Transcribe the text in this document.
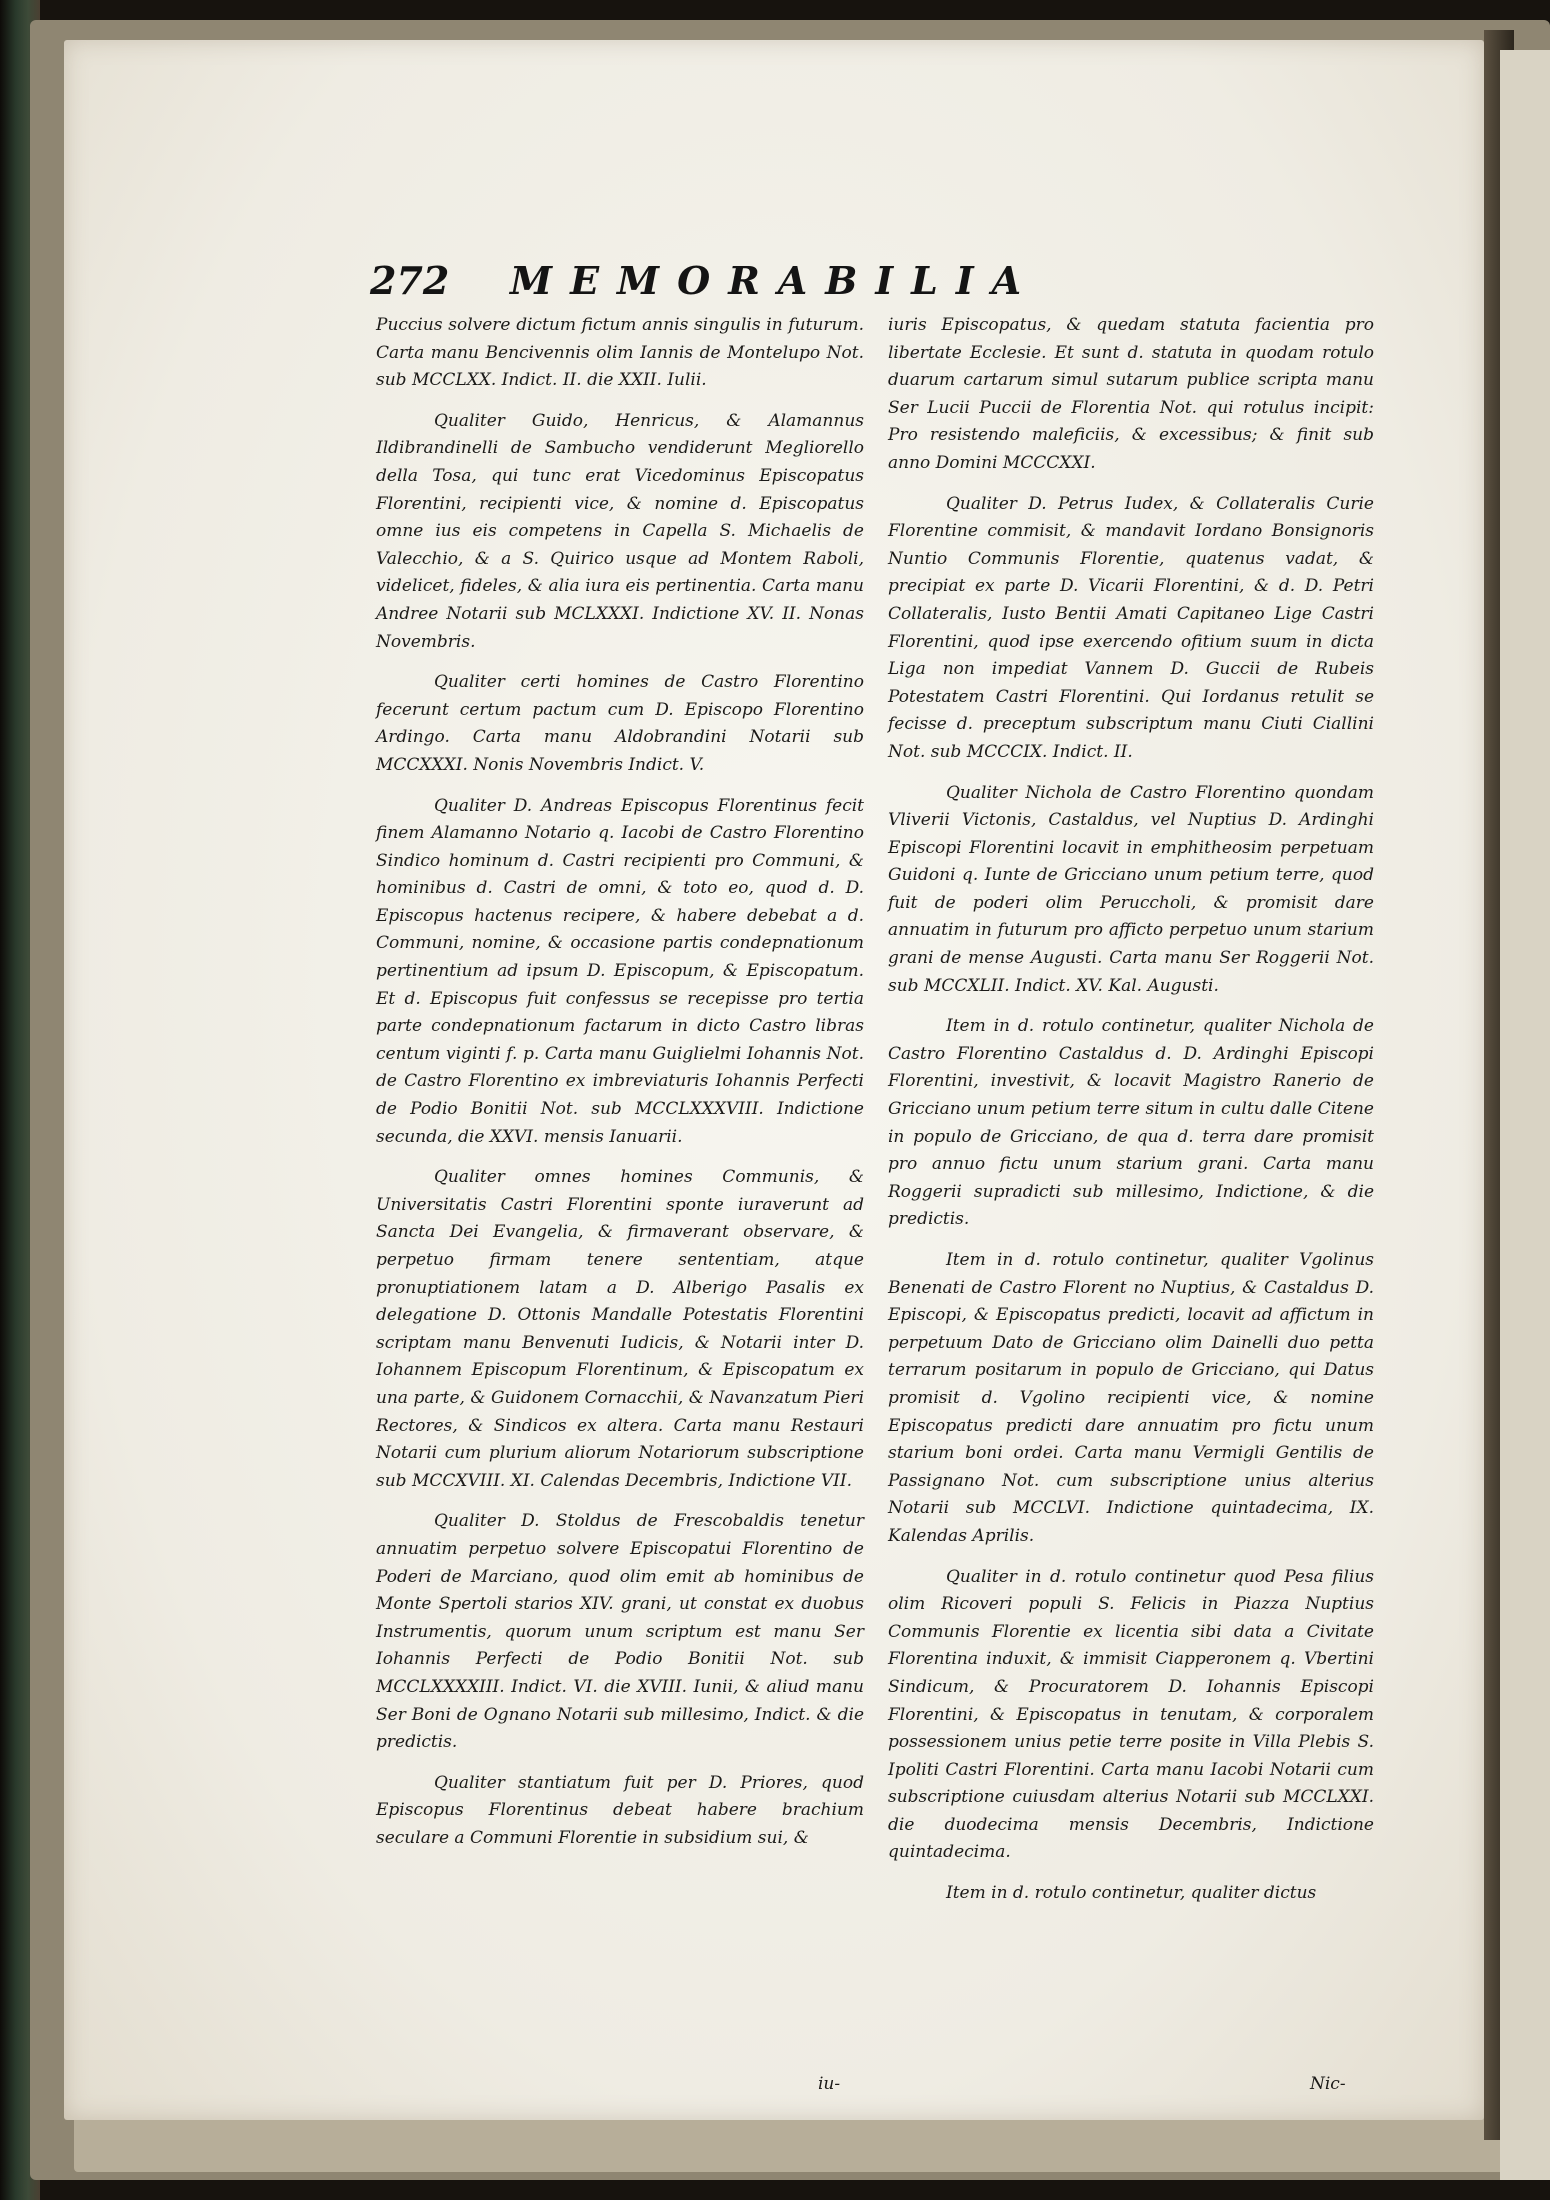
272 MEMORABILIA

Puccius solvere dictum fictum annis singulis in futurum. Carta manu Bencivennis olim Iannis de Montelupo Not. sub MCCLXX. Indict. II. die XXII. Iulii.

Qualiter Guido, Henricus, & Alamannus Ildibrandinelli de Sambucho vendiderunt Megliorello della Tosa, qui tunc erat Vicedominus Episcopatus Florentini, recipienti vice, & nomine d. Episcopatus omne ius eis competens in Capella S. Michaelis de Valecchio, & a S. Quirico usque ad Montem Raboli, videlicet, fideles, & alia iura eis pertinentia. Carta manu Andree Notarii sub MCLXXXI. Indictione XV. II. Nonas Novembris.

Qualiter certi homines de Castro Florentino fecerunt certum pactum cum D. Episcopo Florentino Ardingo. Carta manu Aldobrandini Notarii sub MCCXXXI. Nonis Novembris Indict. V.

Qualiter D. Andreas Episcopus Florentinus fecit finem Alamanno Notario q. Iacobi de Castro Florentino Sindico hominum d. Castri recipienti pro Communi, & hominibus d. Castri de omni, & toto eo, quod d. D. Episcopus hactenus recipere, & habere debebat a d. Communi, nomine, & occasione partis condepnationum pertinentium ad ipsum D. Episcopum, & Episcopatum. Et d. Episcopus fuit confessus se recepisse pro tertia parte condepnationum factarum in dicto Castro libras centum viginti f. p. Carta manu Guiglielmi Iohannis Not. de Castro Florentino ex imbreviaturis Iohannis Perfecti de Podio Bonitii Not. sub MCCLXXXVIII. Indictione secunda, die XXVI. mensis Ianuarii.

Qualiter omnes homines Communis, & Universitatis Castri Florentini sponte iuraverunt ad Sancta Dei Evangelia, & firmaverant observare, & perpetuo firmam tenere sententiam, atque pronuptiationem latam a D. Alberigo Pasalis ex delegatione D. Ottonis Mandalle Potestatis Florentini scriptam manu Benvenuti Iudicis, & Notarii inter D. Iohannem Episcopum Florentinum, & Episcopatum ex una parte, & Guidonem Cornacchii, & Navanzatum Pieri Rectores, & Sindicos ex altera. Carta manu Restauri Notarii cum plurium aliorum Notariorum subscriptione sub MCCXVIII. XI. Calendas Decembris, Indictione VII.

Qualiter D. Stoldus de Frescobaldis tenetur annuatim perpetuo solvere Episcopatui Florentino de Poderi de Marciano, quod olim emit ab hominibus de Monte Spertoli starios XIV. grani, ut constat ex duobus Instrumentis, quorum unum scriptum est manu Ser Iohannis Perfecti de Podio Bonitii Not. sub MCCLXXXXIII. Indict. VI. die XVIII. Iunii, & aliud manu Ser Boni de Ognano Notarii sub millesimo, Indict. & die predictis.

Qualiter stantiatum fuit per D. Priores, quod Episcopus Florentinus debeat habere brachium seculare a Communi Florentie in subsidium sui, &

iuris Episcopatus, & quedam statuta facientia pro libertate Ecclesie. Et sunt d. statuta in quodam rotulo duarum cartarum simul sutarum publice scripta manu Ser Lucii Puccii de Florentia Not. qui rotulus incipit: Pro resistendo maleficiis, & excessibus; & finit sub anno Domini MCCCXXI.

Qualiter D. Petrus Iudex, & Collateralis Curie Florentine commisit, & mandavit Iordano Bonsignoris Nuntio Communis Florentie, quatenus vadat, & precipiat ex parte D. Vicarii Florentini, & d. D. Petri Collateralis, Iusto Bentii Amati Capitaneo Lige Castri Florentini, quod ipse exercendo ofitium suum in dicta Liga non impediat Vannem D. Guccii de Rubeis Potestatem Castri Florentini. Qui Iordanus retulit se fecisse d. preceptum subscriptum manu Ciuti Ciallini Not. sub MCCCIX. Indict. II.

Qualiter Nichola de Castro Florentino quondam Vliverii Victonis, Castaldus, vel Nuptius D. Ardinghi Episcopi Florentini locavit in emphitheosim perpetuam Guidoni q. Iunte de Gricciano unum petium terre, quod fuit de poderi olim Peruccholi, & promisit dare annuatim in futurum pro afficto perpetuo unum starium grani de mense Augusti. Carta manu Ser Roggerii Not. sub MCCXLII. Indict. XV. Kal. Augusti.

Item in d. rotulo continetur, qualiter Nichola de Castro Florentino Castaldus d. D. Ardinghi Episcopi Florentini, investivit, & locavit Magistro Ranerio de Gricciano unum petium terre situm in cultu dalle Citene in populo de Gricciano, de qua d. terra dare promisit pro annuo fictu unum starium grani. Carta manu Roggerii supradicti sub millesimo, Indictione, & die predictis.

Item in d. rotulo continetur, qualiter Vgolinus Benenati de Castro Florent no Nuptius, & Castaldus D. Episcopi, & Episcopatus predicti, locavit ad affictum in perpetuum Dato de Gricciano olim Dainelli duo petta terrarum positarum in populo de Gricciano, qui Datus promisit d. Vgolino recipienti vice, & nomine Episcopatus predicti dare annuatim pro fictu unum starium boni ordei. Carta manu Vermigli Gentilis de Passignano Not. cum subscriptione unius alterius Notarii sub MCCLVI. Indictione quintadecima, IX. Kalendas Aprilis.

Qualiter in d. rotulo continetur quod Pesa filius olim Ricoveri populi S. Felicis in Piazza Nuptius Communis Florentie ex licentia sibi data a Civitate Florentina induxit, & immisit Ciapperonem q. Vbertini Sindicum, & Procuratorem D. Iohannis Episcopi Florentini, & Episcopatus in tenutam, & corporalem possessionem unius petie terre posite in Villa Plebis S. Ipoliti Castri Florentini. Carta manu Iacobi Notarii cum subscriptione cuiusdam alterius Notarii sub MCCLXXI. die duodecima mensis Decembris, Indictione quintadecima.

Item in d. rotulo continetur, qualiter dictus

iu-	Nic-
